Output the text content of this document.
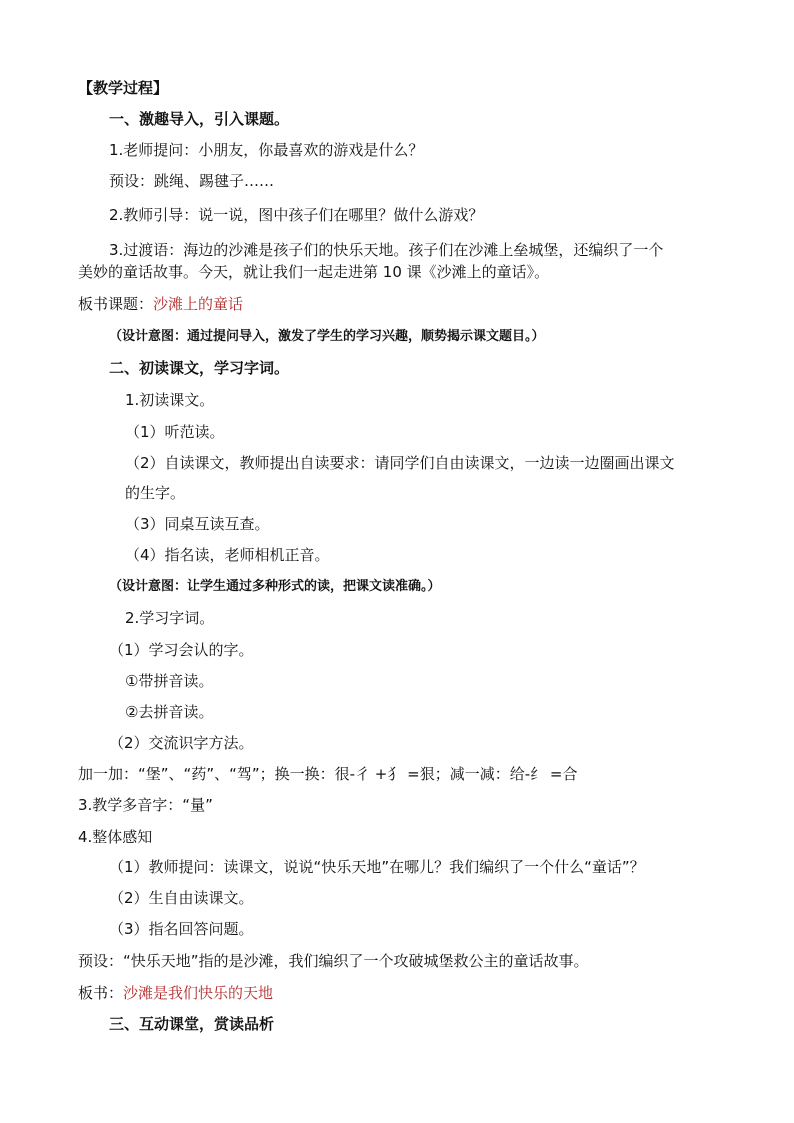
【教学过程】
一、激趣导入，引入课题。
1.老师提问：小朋友，你最喜欢的游戏是什么？
预设：跳绳、踢毽子……
2.教师引导：说一说，图中孩子们在哪里？做什么游戏？
3.过渡语：海边的沙滩是孩子们的快乐天地。孩子们在沙滩上垒城堡，还编织了一个
美妙的童话故事。今天，就让我们一起走进第 10 课《沙滩上的童话》。
板书课题：沙滩上的童话
（设计意图：通过提问导入，激发了学生的学习兴趣，顺势揭示课文题目。）
二、初读课文，学习字词。
1.初读课文。
（1）听范读。
（2）自读课文，教师提出自读要求：请同学们自由读课文，一边读一边圈画出课文
的生字。
（3）同桌互读互查。
（4）指名读，老师相机正音。
（设计意图：让学生通过多种形式的读，把课文读准确。）
2.学习字词。
（1）学习会认的字。
①带拼音读。
②去拼音读。
（2）交流识字方法。
加一加：“堡”、“药”、“驾”；换一换：很-彳 +犭 =狠；减一减：给-纟 =合
3.教学多音字：“量”
4.整体感知
（1）教师提问：读课文，说说“快乐天地”在哪儿？我们编织了一个什么“童话”？
（2）生自由读课文。
（3）指名回答问题。
预设：“快乐天地”指的是沙滩，我们编织了一个攻破城堡救公主的童话故事。
板书：沙滩是我们快乐的天地
三、互动课堂，赏读品析
